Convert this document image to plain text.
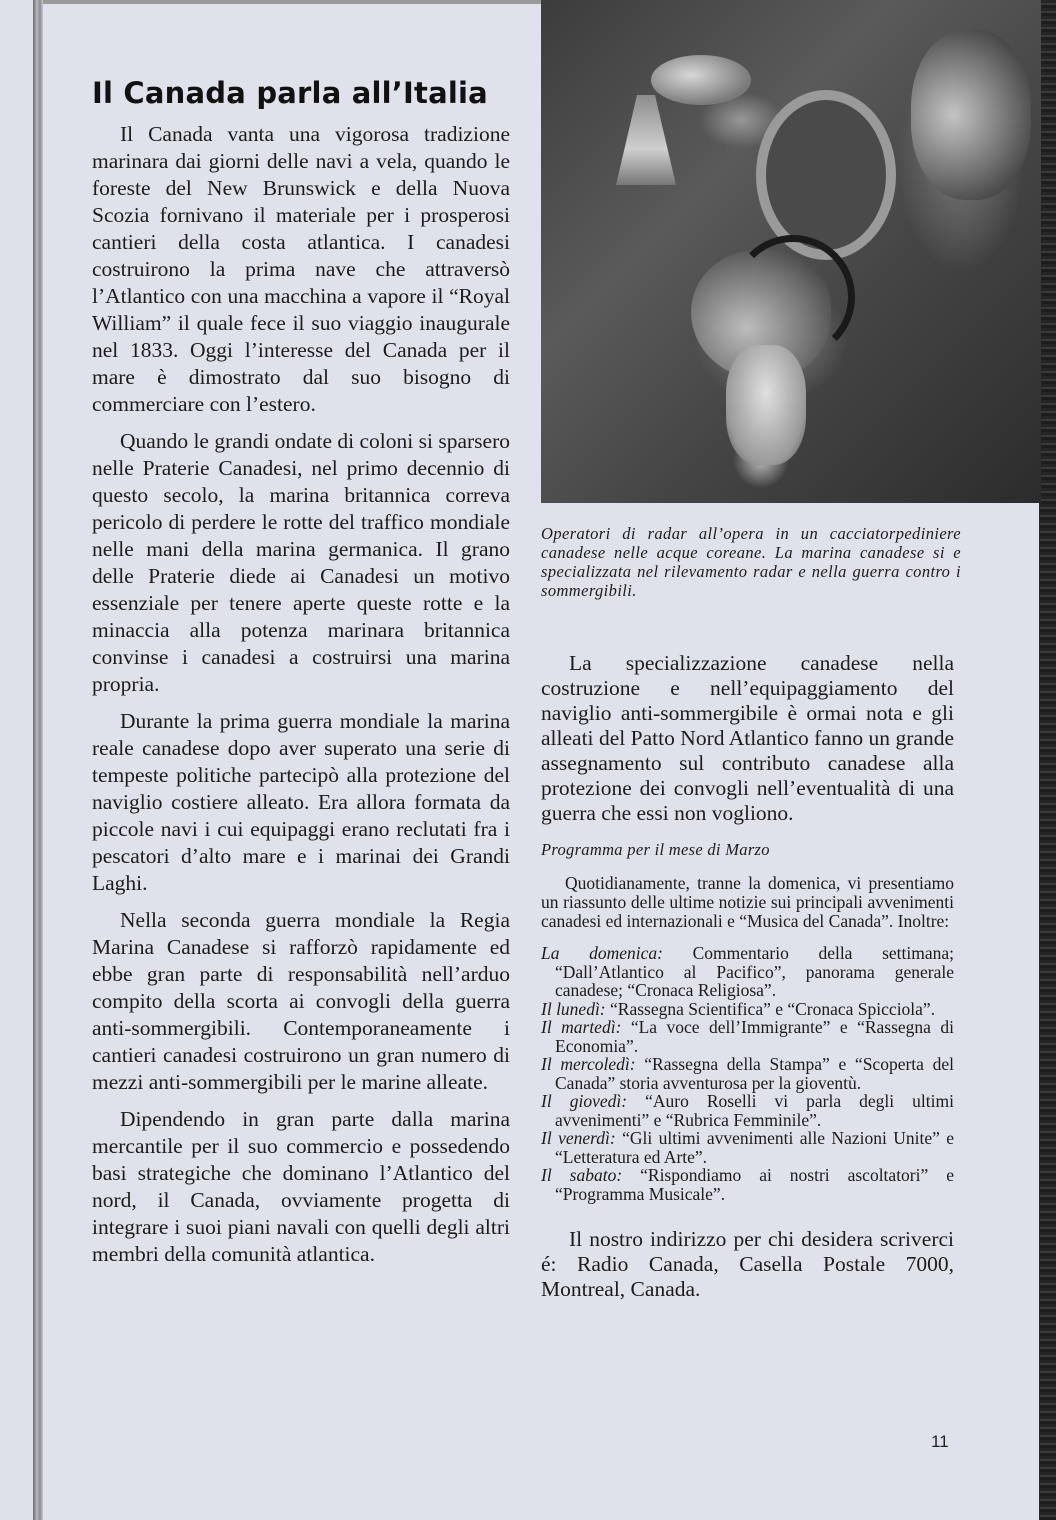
Il Canada parla all’Italia

Il Canada vanta una vigorosa tradizione marinara dai giorni delle navi a vela, quando le foreste del New Brunswick e della Nuova Scozia fornivano il materiale per i prosperosi cantieri della costa atlantica. I canadesi costruirono la prima nave che attraversò l’Atlantico con una macchina a vapore il “Royal William” il quale fece il suo viaggio inaugurale nel 1833. Oggi l’interesse del Canada per il mare è dimostrato dal suo bisogno di commerciare con l’estero.

Quando le grandi ondate di coloni si sparsero nelle Praterie Canadesi, nel primo decennio di questo secolo, la marina britannica correva pericolo di perdere le rotte del traffico mondiale nelle mani della marina germanica. Il grano delle Praterie diede ai Canadesi un motivo essenziale per tenere aperte queste rotte e la minaccia alla potenza marinara britannica convinse i canadesi a costruirsi una marina propria.

Durante la prima guerra mondiale la marina reale canadese dopo aver superato una serie di tempeste politiche partecipò alla protezione del naviglio costiere alleato. Era allora formata da piccole navi i cui equipaggi erano reclutati fra i pescatori d’alto mare e i marinai dei Grandi Laghi.

Nella seconda guerra mondiale la Regia Marina Canadese si rafforzò rapidamente ed ebbe gran parte di responsabilità nell’arduo compito della scorta ai convogli della guerra anti-sommergibili. Contemporaneamente i cantieri canadesi costruirono un gran numero di mezzi anti-sommergibili per le marine alleate.

Dipendendo in gran parte dalla marina mercantile per il suo commercio e possedendo basi strategiche che dominano l’Atlantico del nord, il Canada, ovviamente progetta di integrare i suoi piani navali con quelli degli altri membri della comunità atlantica.

Operatori di radar all’opera in un cacciatorpediniere canadese nelle acque coreane. La marina canadese si e specializzata nel rilevamento radar e nella guerra contro i sommergibili.

La specializzazione canadese nella costruzione e nell’equipaggiamento del naviglio anti-sommergibile è ormai nota e gli alleati del Patto Nord Atlantico fanno un grande assegnamento sul contributo canadese alla protezione dei convogli nell’eventualità di una guerra che essi non vogliono.

Programma per il mese di Marzo

Quotidianamente, tranne la domenica, vi presentiamo un riassunto delle ultime notizie sui principali avvenimenti canadesi ed internazionali e “Musica del Canada”. Inoltre:

La domenica: Commentario della settimana; “Dall’Atlantico al Pacifico”, panorama generale canadese; “Cronaca Religiosa”.
Il lunedì: “Rassegna Scientifica” e “Cronaca Spicciola”.
Il martedì: “La voce dell’Immigrante” e “Rassegna di Economia”.
Il mercoledì: “Rassegna della Stampa” e “Scoperta del Canada” storia avventurosa per la gioventù.
Il giovedì: “Auro Roselli vi parla degli ultimi avvenimenti” e “Rubrica Femminile”.
Il venerdì: “Gli ultimi avvenimenti alle Nazioni Unite” e “Letteratura ed Arte”.
Il sabato: “Rispondiamo ai nostri ascoltatori” e “Programma Musicale”.

Il nostro indirizzo per chi desidera scriverci é: Radio Canada, Casella Postale 7000, Montreal, Canada.

11
